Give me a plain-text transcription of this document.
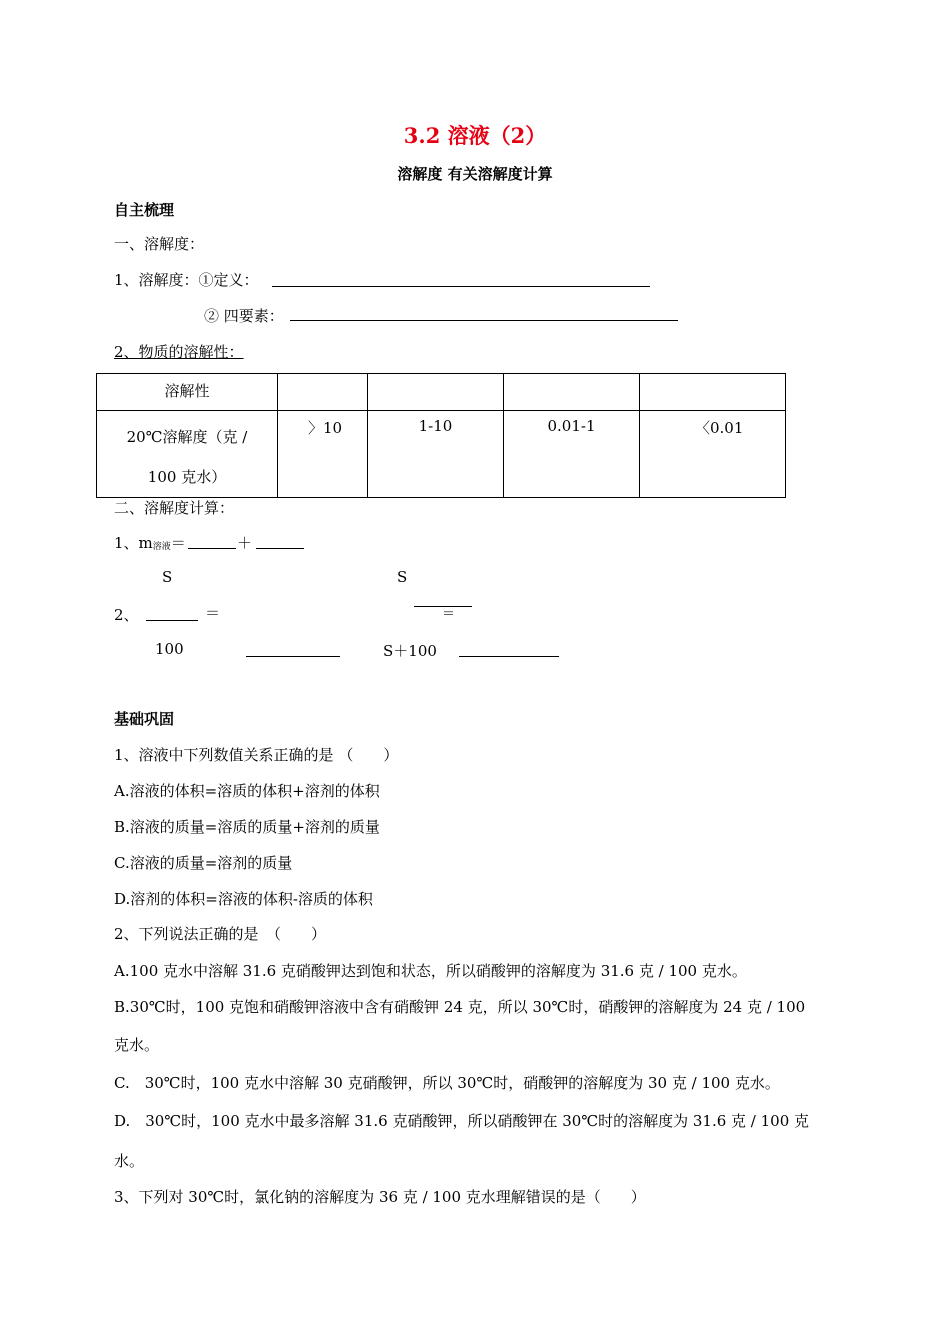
3.2 溶液（2）
溶解度 有关溶解度计算
自主梳理
一、溶解度：
1、溶解度：①定义：
② 四要素：
2、物质的溶解性：
溶解性				

20℃溶解度（克 /
100 克水）	〉10	1-10	0.01-1	〈0.01
二、溶解度计算：
1、m溶液＝	＋
S	S
2、	＝	＝
100	S＋100
基础巩固
1、溶液中下列数值关系正确的是 （　　）
A.溶液的体积=溶质的体积+溶剂的体积
B.溶液的质量=溶质的质量+溶剂的质量
C.溶液的质量=溶剂的质量
D.溶剂的体积=溶液的体积-溶质的体积
2、下列说法正确的是　（　　）
A.100 克水中溶解 31.6 克硝酸钾达到饱和状态，所以硝酸钾的溶解度为 31.6 克 / 100 克水。
B.30℃时，100 克饱和硝酸钾溶液中含有硝酸钾 24 克，所以 30℃时，硝酸钾的溶解度为 24 克 / 100
克水。
C.　30℃时，100 克水中溶解 30 克硝酸钾，所以 30℃时，硝酸钾的溶解度为 30 克 / 100 克水。
D.　30℃时，100 克水中最多溶解 31.6 克硝酸钾，所以硝酸钾在 30℃时的溶解度为 31.6 克 / 100 克
水。
3、下列对 30℃时，氯化钠的溶解度为 36 克 / 100 克水理解错误的是（　　）
